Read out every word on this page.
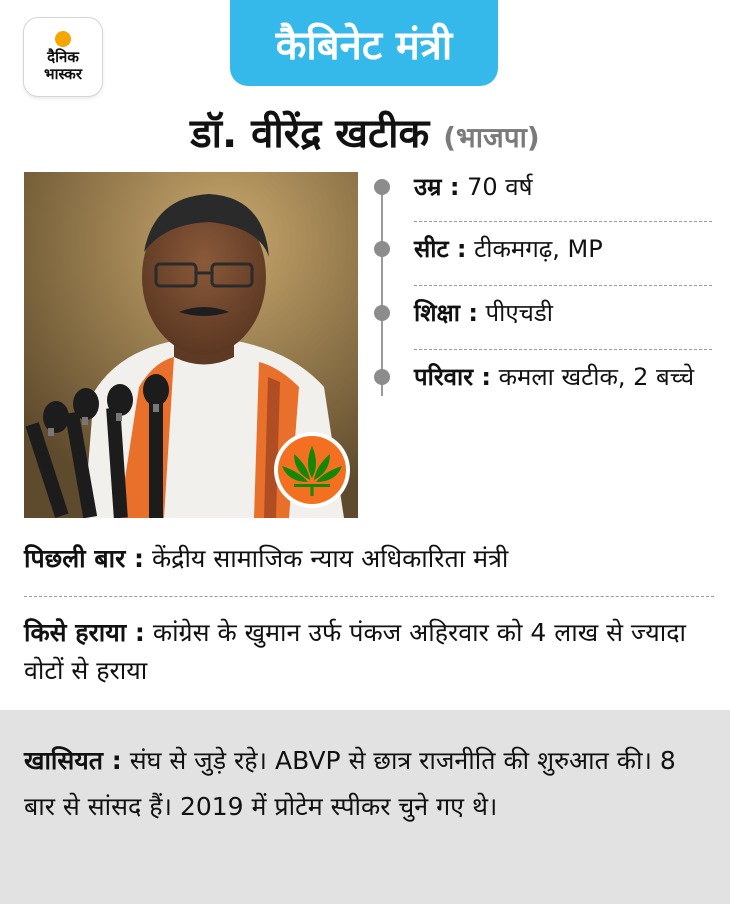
दैनिक
भास्कर
कैबिनेट मंत्री
डॉ. वीरेंद्र खटीक (भाजपा)
उम्र : 70 वर्ष
सीट : टीकमगढ़, MP
शिक्षा : पीएचडी
परिवार : कमला खटीक, 2 बच्चे
पिछली बार : केंद्रीय सामाजिक न्याय अधिकारिता मंत्री
किसे हराया : कांग्रेस के खुमान उर्फ पंकज अहिरवार को 4 लाख से ज्यादा वोटों से हराया
खासियत : संघ से जुड़े रहे। ABVP से छात्र राजनीति की शुरुआत की। 8 बार से सांसद हैं। 2019 में प्रोटेम स्पीकर चुने गए थे।
